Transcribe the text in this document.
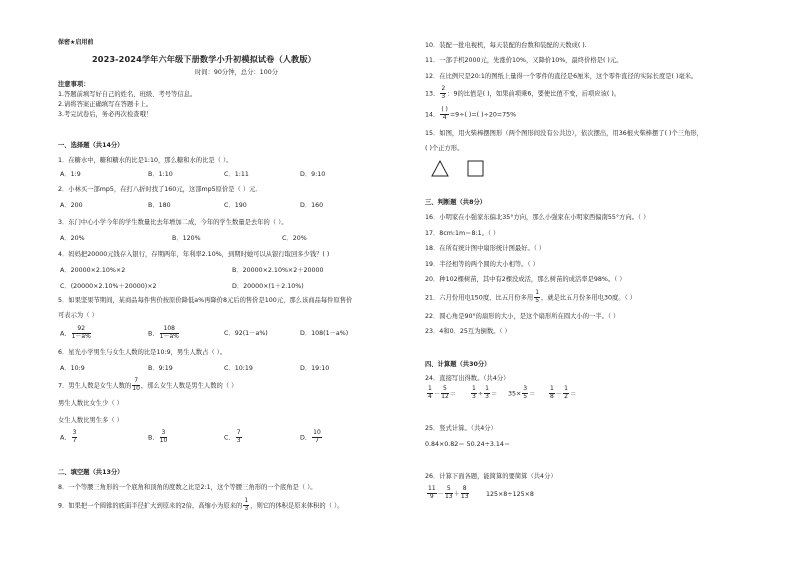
保密★启用前
2023-2024学年六年级下册数学小升初模拟试卷（人教版）
时间：90分钟，总分：100分
注意事项：
1.答题前填写好自己的姓名、班级、考号等信息。
2.请将答案正确填写在答题卡上。
3.考完试卷后，务必再次检查哦！
一、选择题（共14分）
1．在糖水中，糖和糖水的比是1:10，那么糖和水的比是（ ）。
A．1:9	B．1:10	C．1:11	D．9:10
2．小林买一部mp5，在打八折时找了160元，这部mp5原价是（ ）元．
A．200	B．180	C．190	D．160
3．东门中心小学今年的学生数量比去年增加二成，今年的学生数量是去年的（ ）。
A．20%	B．120%	C．20%
4．妈妈把20000元钱存入银行，存期两年，年利率2.10%，到期时她可以从银行取回多少钱？( )
A．20000×2.10%×2	B．20000×2.10%×2＋20000
C．(20000×2.10%＋20000)×2	D．20000×(1＋2.10%)
5．如果坚果节期间，某商品每件售价按原价降低a%再降价8元后的售价是100元，那么该商品每件原售价
可表示为（ ）
A． $\frac{92}{1-a\%}$	B． $\frac{108}{1-a\%}$	C．92(1－a%)	D．108(1－a%)
6．星光小学男生与女生人数的比是10:9，男生人数占（ ）。
A．10:9	B．9:19	C．10:19	D．19:10
7．男生人数是女生人数的 $\frac{7}{10}$ ，那么女生人数是男生人数的（ ）
男生人数比女生少（ ）
女生人数比男生多（ ）
A． $\frac{3}{7}$	B． $\frac{3}{10}$	C． $\frac{7}{3}$	D． $\frac{10}{7}$
二、填空题（共13分）
8．一个等腰三角形的一个底角和顶角的度数之比是2:1，这个等腰三角形的一个底角是（ ）。
9．如果把一个圆锥的底面半径扩大到原来的2倍，高缩小为原来的 $\frac{1}{3}$ ，则它的体积是原来体积的（ ）。
10．装配一批电视机，每天装配的台数和装配的天数成( ).
11．一部手机2000元，先涨价10%，又降价10%，最终价格是( )元。
12．在比例尺是20:1的图纸上量得一个零件的直径是6厘米，这个零件直径的实际长度是( )毫米。
13． $\frac{2}{3}$ ：9的比值是( )，如果前项乘6，要使比值不变，后项应该( )。
14．
( )
4 =9÷( )=( )÷20=75%
15．如图，用火柴棒摆图形（两个图形间没有公共边），依次摆出，用36根火柴棒摆了( )个三角形，
( )个正方形。
三、判断题（共8分）
16．小明家在小强家东偏北35°方向，那么小强家在小明家西偏南55°方向。（ ）
17．8cm:1m＝8:1。（ ）
18．在所有统计图中扇形统计图最好。（ ）
19．半径相等的两个圆的大小相等。（ ）
20．种102棵树苗，其中有2棵没成活，那么树苗的成活率是98%。（ ）
21．六月份用电150度，比五月份多用 $\frac{1}{5}$ ，就是比五月份多用电30度。（ ）
22．圆心角是90°的扇形的大小，是这个扇形所在圆大小的一半。（ ）
23．4和0．25互为倒数。（ ）
四、计算题（共30分）
24．直接写出得数。（共4分）
$\frac{1}{4} - \frac{5}{12} = \frac{1}{3} \div \frac{1}{3} = 35\times \frac{3}{5} = \frac{1}{8} - \frac{1}{2}$ ＝
25．竖式计算。（共4分）
0.84×0.82＝ 50.24÷3.14＝
26．计算下面各题，能简算的要简算（共4分）
$\frac{11}{9} - \frac{5}{13} + \frac{8}{13}$	125×8÷125×8
